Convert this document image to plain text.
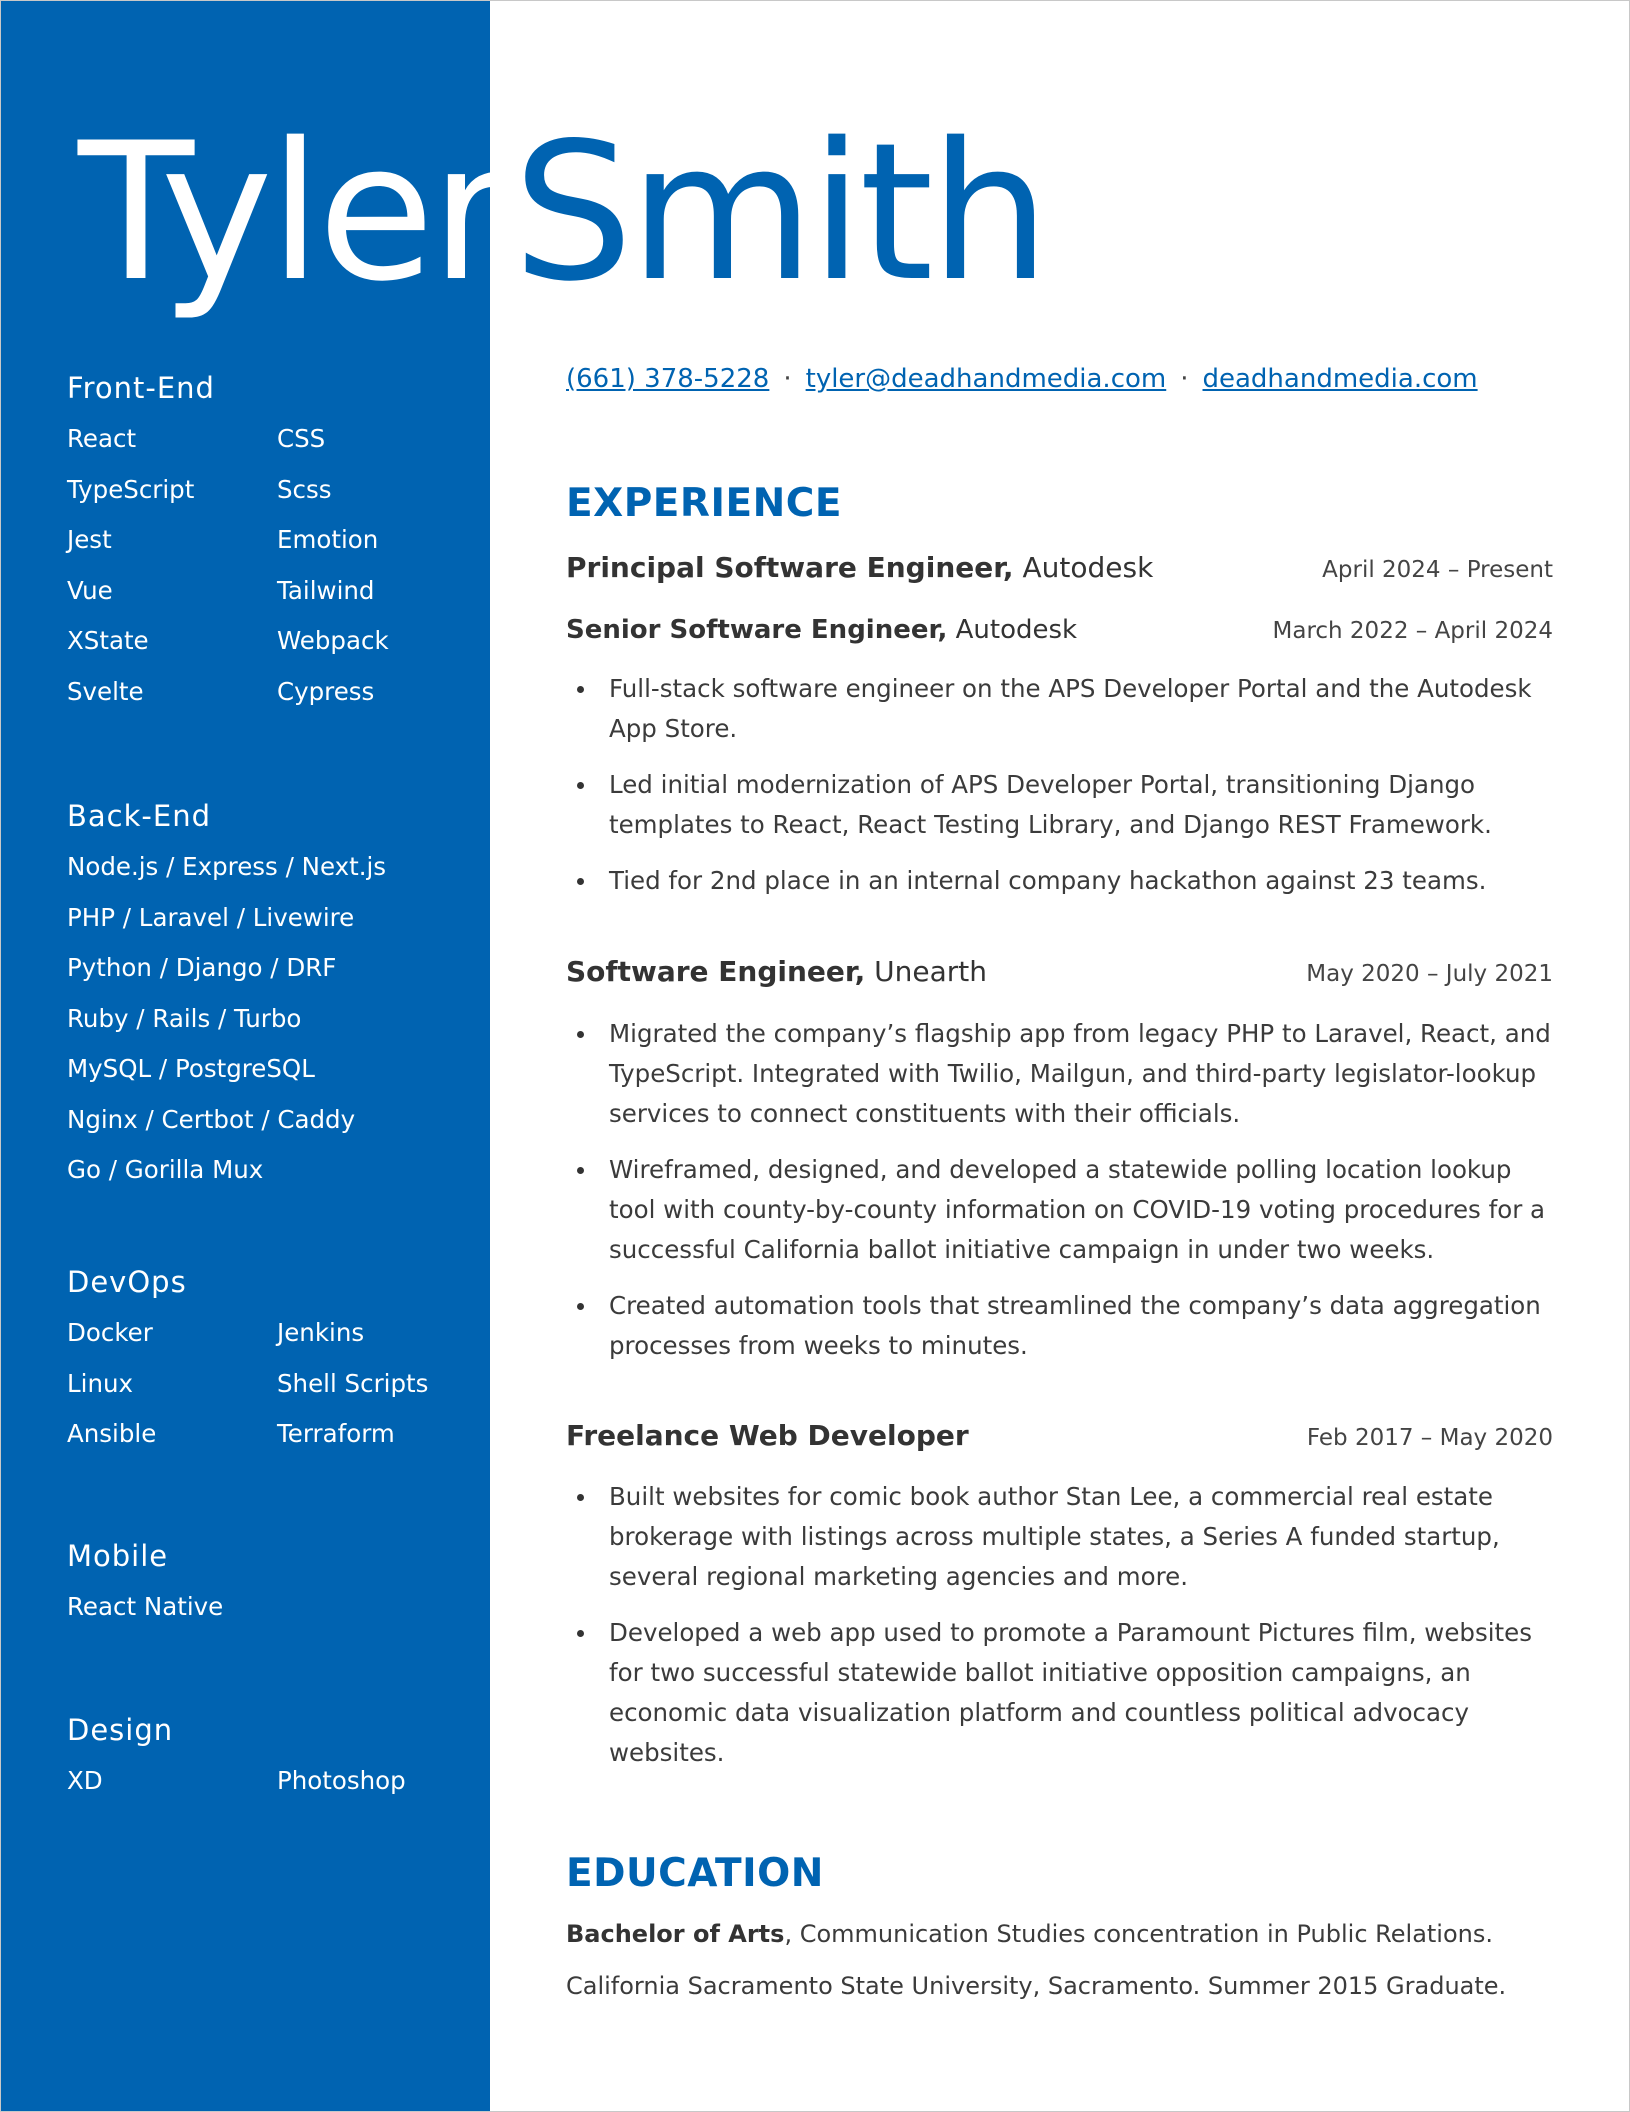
TylerSmith
(661) 378-5228 · tyler@deadhandmedia.com · deadhandmedia.com
Front-End
React	CSS
TypeScript	Scss
Jest	Emotion
Vue	Tailwind
XState	Webpack
Svelte	Cypress
Back-End
Node.js / Express / Next.js
PHP / Laravel / Livewire
Python / Django / DRF
Ruby / Rails / Turbo
MySQL / PostgreSQL
Nginx / Certbot / Caddy
Go / Gorilla Mux
DevOps
Docker	Jenkins
Linux	Shell Scripts
Ansible	Terraform
Mobile
React Native
Design
XD	Photoshop
EXPERIENCE
Principal Software Engineer, Autodesk	April 2024 – Present
Senior Software Engineer, Autodesk	March 2022 – April 2024
Full-stack software engineer on the APS Developer Portal and the Autodesk App Store.
Led initial modernization of APS Developer Portal, transitioning Django templates to React, React Testing Library, and Django REST Framework.
Tied for 2nd place in an internal company hackathon against 23 teams.
Software Engineer, Unearth	May 2020 – July 2021
Migrated the company’s flagship app from legacy PHP to Laravel, React, and TypeScript. Integrated with Twilio, Mailgun, and third-party legislator-lookup services to connect constituents with their officials.
Wireframed, designed, and developed a statewide polling location lookup tool with county-by-county information on COVID-19 voting procedures for a successful California ballot initiative campaign in under two weeks.
Created automation tools that streamlined the company’s data aggregation processes from weeks to minutes.
Freelance Web Developer	Feb 2017 – May 2020
Built websites for comic book author Stan Lee, a commercial real estate brokerage with listings across multiple states, a Series A funded startup, several regional marketing agencies and more.
Developed a web app used to promote a Paramount Pictures film, websites for two successful statewide ballot initiative opposition campaigns, an economic data visualization platform and countless political advocacy websites.
EDUCATION
Bachelor of Arts, Communication Studies concentration in Public Relations.
California Sacramento State University, Sacramento. Summer 2015 Graduate.
